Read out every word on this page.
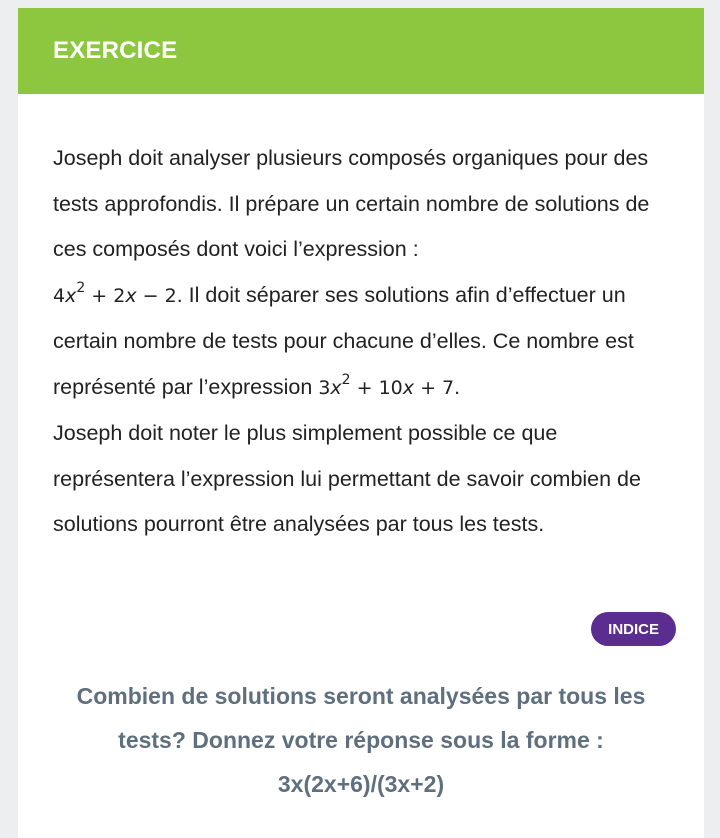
EXERCICE

Joseph doit analyser plusieurs composés organiques pour des tests approfondis. Il prépare un certain nombre de solutions de ces composés dont voici l’expression :
$4x^2 + 2x - 2$. Il doit séparer ses solutions afin d’effectuer un certain nombre de tests pour chacune d’elles. Ce nombre est représenté par l’expression $3x^2 + 10x + 7$.
Joseph doit noter le plus simplement possible ce que représentera l’expression lui permettant de savoir combien de solutions pourront être analysées par tous les tests.

INDICE
Combien de solutions seront analysées par tous les tests? Donnez votre réponse sous la forme : 3x(2x+6)/(3x+2)
